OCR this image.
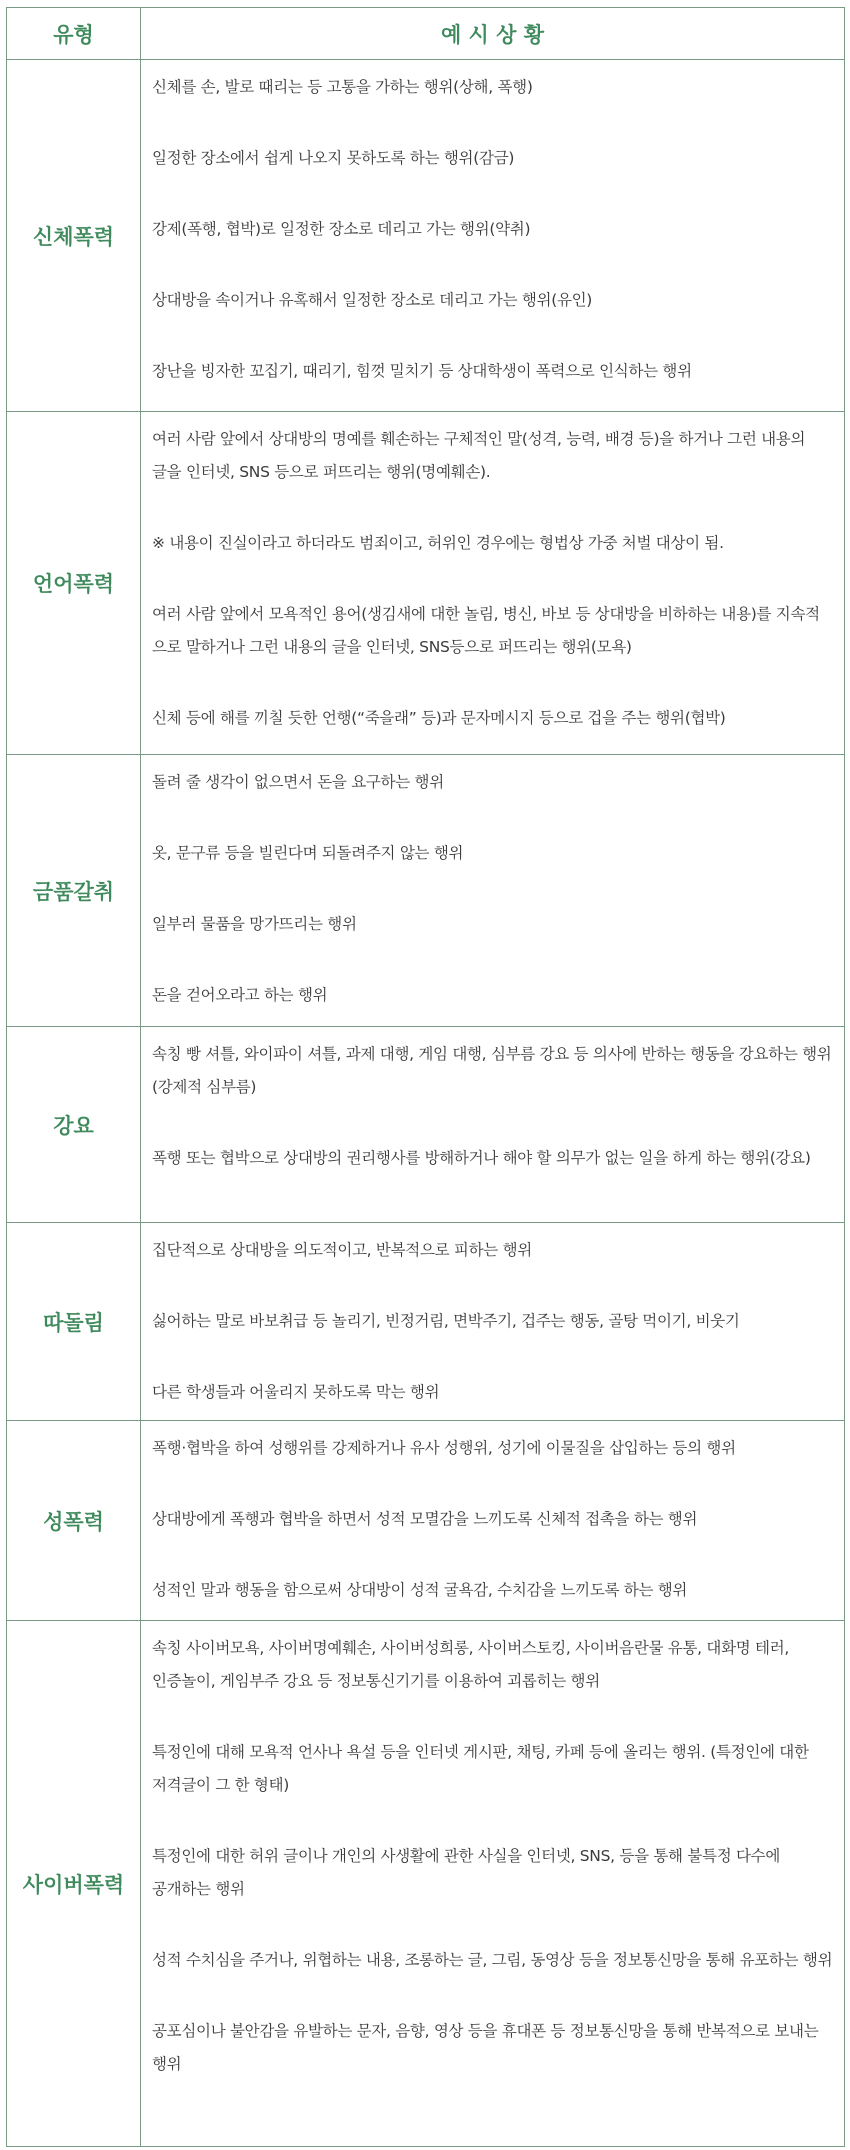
유형	예 시 상 황
신체폭력	신체를 손, 발로 때리는 등 고통을 가하는 행위(상해, 폭행)
일정한 장소에서 쉽게 나오지 못하도록 하는 행위(감금)
강제(폭행, 협박)로 일정한 장소로 데리고 가는 행위(약취)
상대방을 속이거나 유혹해서 일정한 장소로 데리고 가는 행위(유인)
장난을 빙자한 꼬집기, 때리기, 힘껏 밀치기 등 상대학생이 폭력으로 인식하는 행위

언어폭력	여러 사람 앞에서 상대방의 명예를 훼손하는 구체적인 말(성격, 능력, 배경 등)을 하거나 그런 내용의 글을 인터넷, SNS 등으로 퍼뜨리는 행위(명예훼손).
※ 내용이 진실이라고 하더라도 범죄이고, 허위인 경우에는 형법상 가중 처벌 대상이 됨.
여러 사람 앞에서 모욕적인 용어(생김새에 대한 놀림, 병신, 바보 등 상대방을 비하하는 내용)를 지속적 으로 말하거나 그런 내용의 글을 인터넷, SNS등으로 퍼뜨리는 행위(모욕)
신체 등에 해를 끼칠 듯한 언행(“죽을래” 등)과 문자메시지 등으로 겁을 주는 행위(협박)

금품갈취	돌려 줄 생각이 없으면서 돈을 요구하는 행위
옷, 문구류 등을 빌린다며 되돌려주지 않는 행위
일부러 물품을 망가뜨리는 행위
돈을 걷어오라고 하는 행위

강요	속칭 빵 셔틀, 와이파이 셔틀, 과제 대행, 게임 대행, 심부름 강요 등 의사에 반하는 행동을 강요하는 행위(강제적 심부름)
폭행 또는 협박으로 상대방의 권리행사를 방해하거나 해야 할 의무가 없는 일을 하게 하는 행위(강요)

따돌림	집단적으로 상대방을 의도적이고, 반복적으로 피하는 행위
싫어하는 말로 바보취급 등 놀리기, 빈정거림, 면박주기, 겁주는 행동, 골탕 먹이기, 비웃기
다른 학생들과 어울리지 못하도록 막는 행위

성폭력	폭행·협박을 하여 성행위를 강제하거나 유사 성행위, 성기에 이물질을 삽입하는 등의 행위
상대방에게 폭행과 협박을 하면서 성적 모멸감을 느끼도록 신체적 접촉을 하는 행위
성적인 말과 행동을 함으로써 상대방이 성적 굴욕감, 수치감을 느끼도록 하는 행위

사이버폭력	속칭 사이버모욕, 사이버명예훼손, 사이버성희롱, 사이버스토킹, 사이버음란물 유통, 대화명 테러, 인증놀이, 게임부주 강요 등 정보통신기기를 이용하여 괴롭히는 행위
특정인에 대해 모욕적 언사나 욕설 등을 인터넷 게시판, 채팅, 카페 등에 올리는 행위. (특정인에 대한 저격글이 그 한 형태)
특정인에 대한 허위 글이나 개인의 사생활에 관한 사실을 인터넷, SNS, 등을 통해 불특정 다수에 공개하는 행위
성적 수치심을 주거나, 위협하는 내용, 조롱하는 글, 그림, 동영상 등을 정보통신망을 통해 유포하는 행위
공포심이나 불안감을 유발하는 문자, 음향, 영상 등을 휴대폰 등 정보통신망을 통해 반복적으로 보내는 행위
